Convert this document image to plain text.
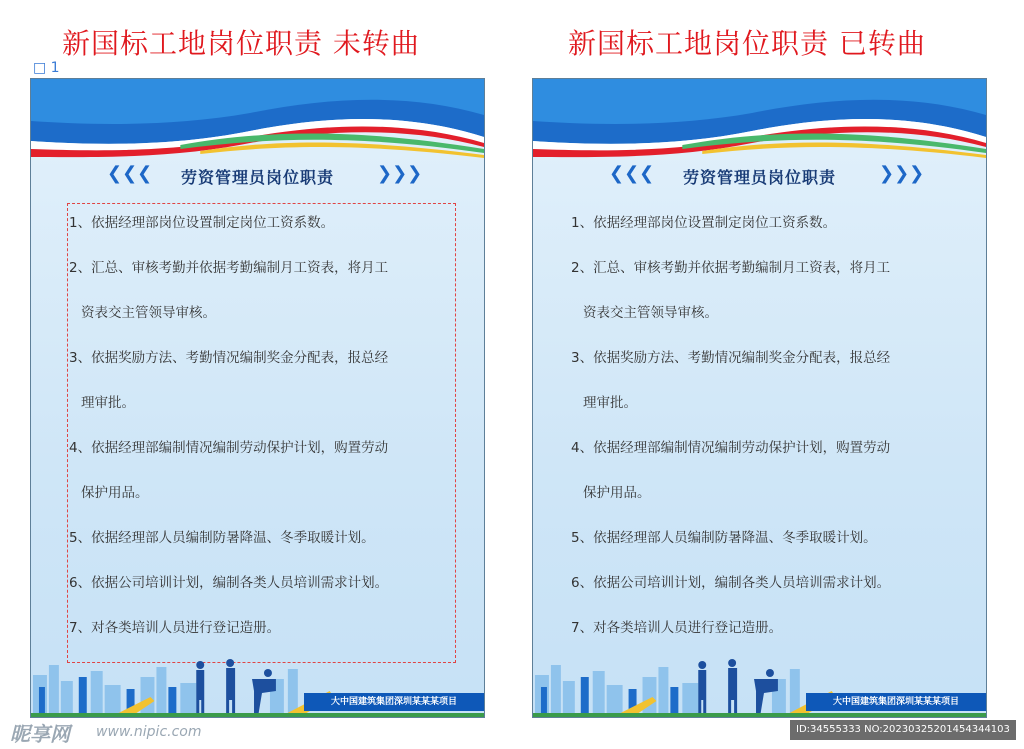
新国标工地岗位职责 未转曲	新国标工地岗位职责 已转曲
□ 1
❮❮❮	劳资管理员岗位职责	❯❯❯
1、依据经理部岗位设置制定岗位工资系数。
2、汇总、审核考勤并依据考勤编制月工资表，将月工
资表交主管领导审核。
3、依据奖励方法、考勤情况编制奖金分配表，报总经
理审批。
4、依据经理部编制情况编制劳动保护计划，购置劳动
保护用品。
5、依据经理部人员编制防暑降温、冬季取暖计划。
6、依据公司培训计划，编制各类人员培训需求计划。
7、对各类培训人员进行登记造册。
大中国建筑集团深圳某某某项目
❮❮❮	劳资管理员岗位职责	❯❯❯
1、依据经理部岗位设置制定岗位工资系数。
2、汇总、审核考勤并依据考勤编制月工资表，将月工
资表交主管领导审核。
3、依据奖励方法、考勤情况编制奖金分配表，报总经
理审批。
4、依据经理部编制情况编制劳动保护计划，购置劳动
保护用品。
5、依据经理部人员编制防暑降温、冬季取暖计划。
6、依据公司培训计划，编制各类人员培训需求计划。
7、对各类培训人员进行登记造册。
大中国建筑集团深圳某某某项目
昵享网 www.nipic.com	ID:34555333 NO:20230325201454344103
